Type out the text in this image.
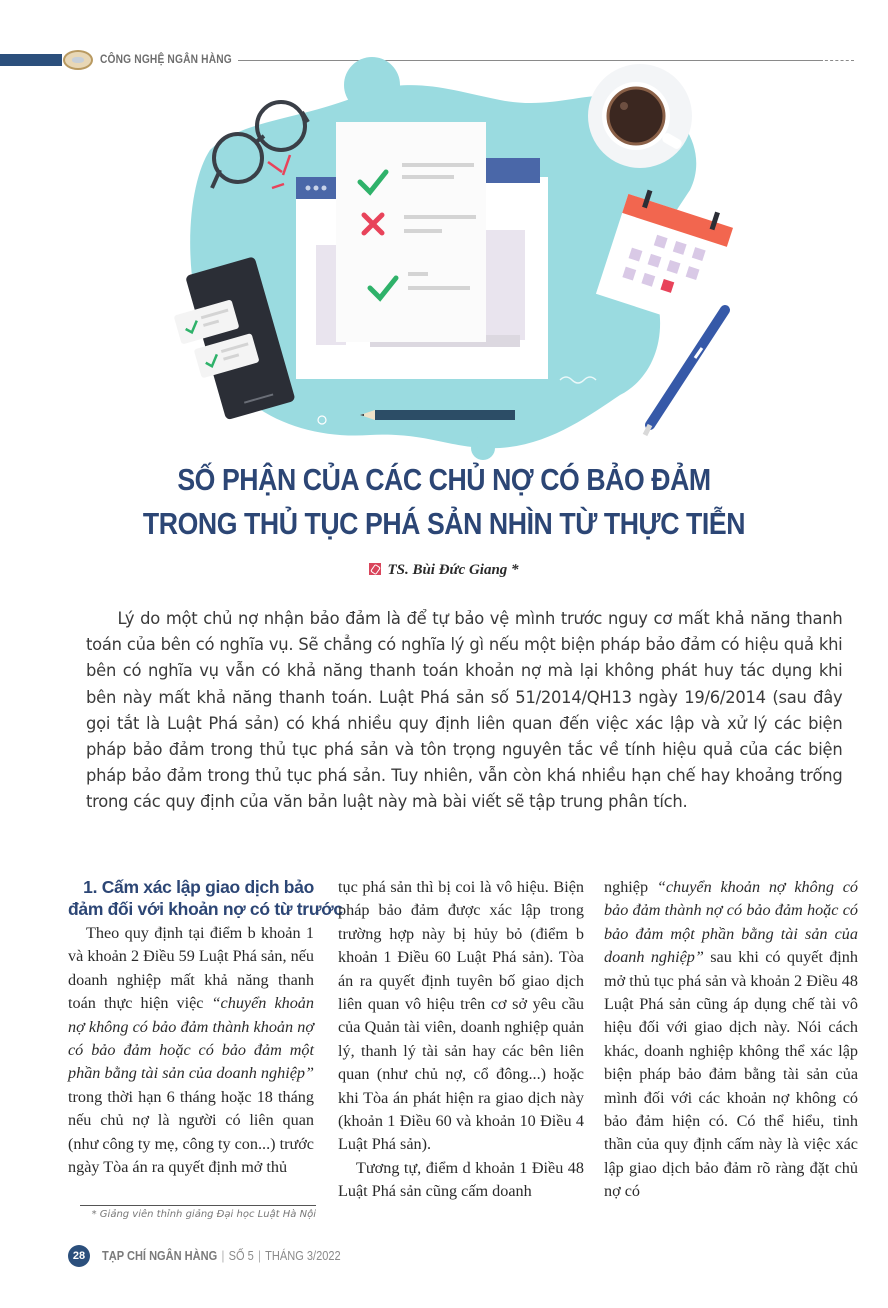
CÔNG NGHỆ NGÂN HÀNG
SỐ PHẬN CỦA CÁC CHỦ NỢ CÓ BẢO ĐẢM
TRONG THỦ TỤC PHÁ SẢN NHÌN TỪ THỰC TIỄN
TS. Bùi Đức Giang *
Lý do một chủ nợ nhận bảo đảm là để tự bảo vệ mình trước nguy cơ mất khả năng thanh toán của bên có nghĩa vụ. Sẽ chẳng có nghĩa lý gì nếu một biện pháp bảo đảm có hiệu quả khi bên có nghĩa vụ vẫn có khả năng thanh toán khoản nợ mà lại không phát huy tác dụng khi bên này mất khả năng thanh toán. Luật Phá sản số 51/2014/QH13 ngày 19/6/2014 (sau đây gọi tắt là Luật Phá sản) có khá nhiều quy định liên quan đến việc xác lập và xử lý các biện pháp bảo đảm trong thủ tục phá sản và tôn trọng nguyên tắc về tính hiệu quả của các biện pháp bảo đảm trong thủ tục phá sản. Tuy nhiên, vẫn còn khá nhiều hạn chế hay khoảng trống trong các quy định của văn bản luật này mà bài viết sẽ tập trung phân tích.
1. Cấm xác lập giao dịch bảo
đảm đối với khoản nợ có từ trước

Theo quy định tại điểm b khoản 1 và khoản 2 Điều 59 Luật Phá sản, nếu doanh nghiệp mất khả năng thanh toán thực hiện việc “chuyển khoản nợ không có bảo đảm thành khoản nợ có bảo đảm hoặc có bảo đảm một phần bằng tài sản của doanh nghiệp” trong thời hạn 6 tháng hoặc 18 tháng nếu chủ nợ là người có liên quan (như công ty mẹ, công ty con...) trước ngày Tòa án ra quyết định mở thủ

tục phá sản thì bị coi là vô hiệu. Biện pháp bảo đảm được xác lập trong trường hợp này bị hủy bỏ (điểm b khoản 1 Điều 60 Luật Phá sản). Tòa án ra quyết định tuyên bố giao dịch liên quan vô hiệu trên cơ sở yêu cầu của Quản tài viên, doanh nghiệp quản lý, thanh lý tài sản hay các bên liên quan (như chủ nợ, cổ đông...) hoặc khi Tòa án phát hiện ra giao dịch này (khoản 1 Điều 60 và khoản 10 Điều 4 Luật Phá sản).

Tương tự, điểm d khoản 1 Điều 48 Luật Phá sản cũng cấm doanh

nghiệp “chuyển khoản nợ không có bảo đảm thành nợ có bảo đảm hoặc có bảo đảm một phần bằng tài sản của doanh nghiệp” sau khi có quyết định mở thủ tục phá sản và khoản 2 Điều 48 Luật Phá sản cũng áp dụng chế tài vô hiệu đối với giao dịch này. Nói cách khác, doanh nghiệp không thể xác lập biện pháp bảo đảm bằng tài sản của mình đối với các khoản nợ không có bảo đảm hiện có. Có thể hiểu, tinh thần của quy định cấm này là việc xác lập giao dịch bảo đảm rõ ràng đặt chủ nợ có

* Giảng viên thỉnh giảng Đại học Luật Hà Nội
28	TẠP CHÍ NGÂN HÀNG | SỐ 5 | THÁNG 3/2022
